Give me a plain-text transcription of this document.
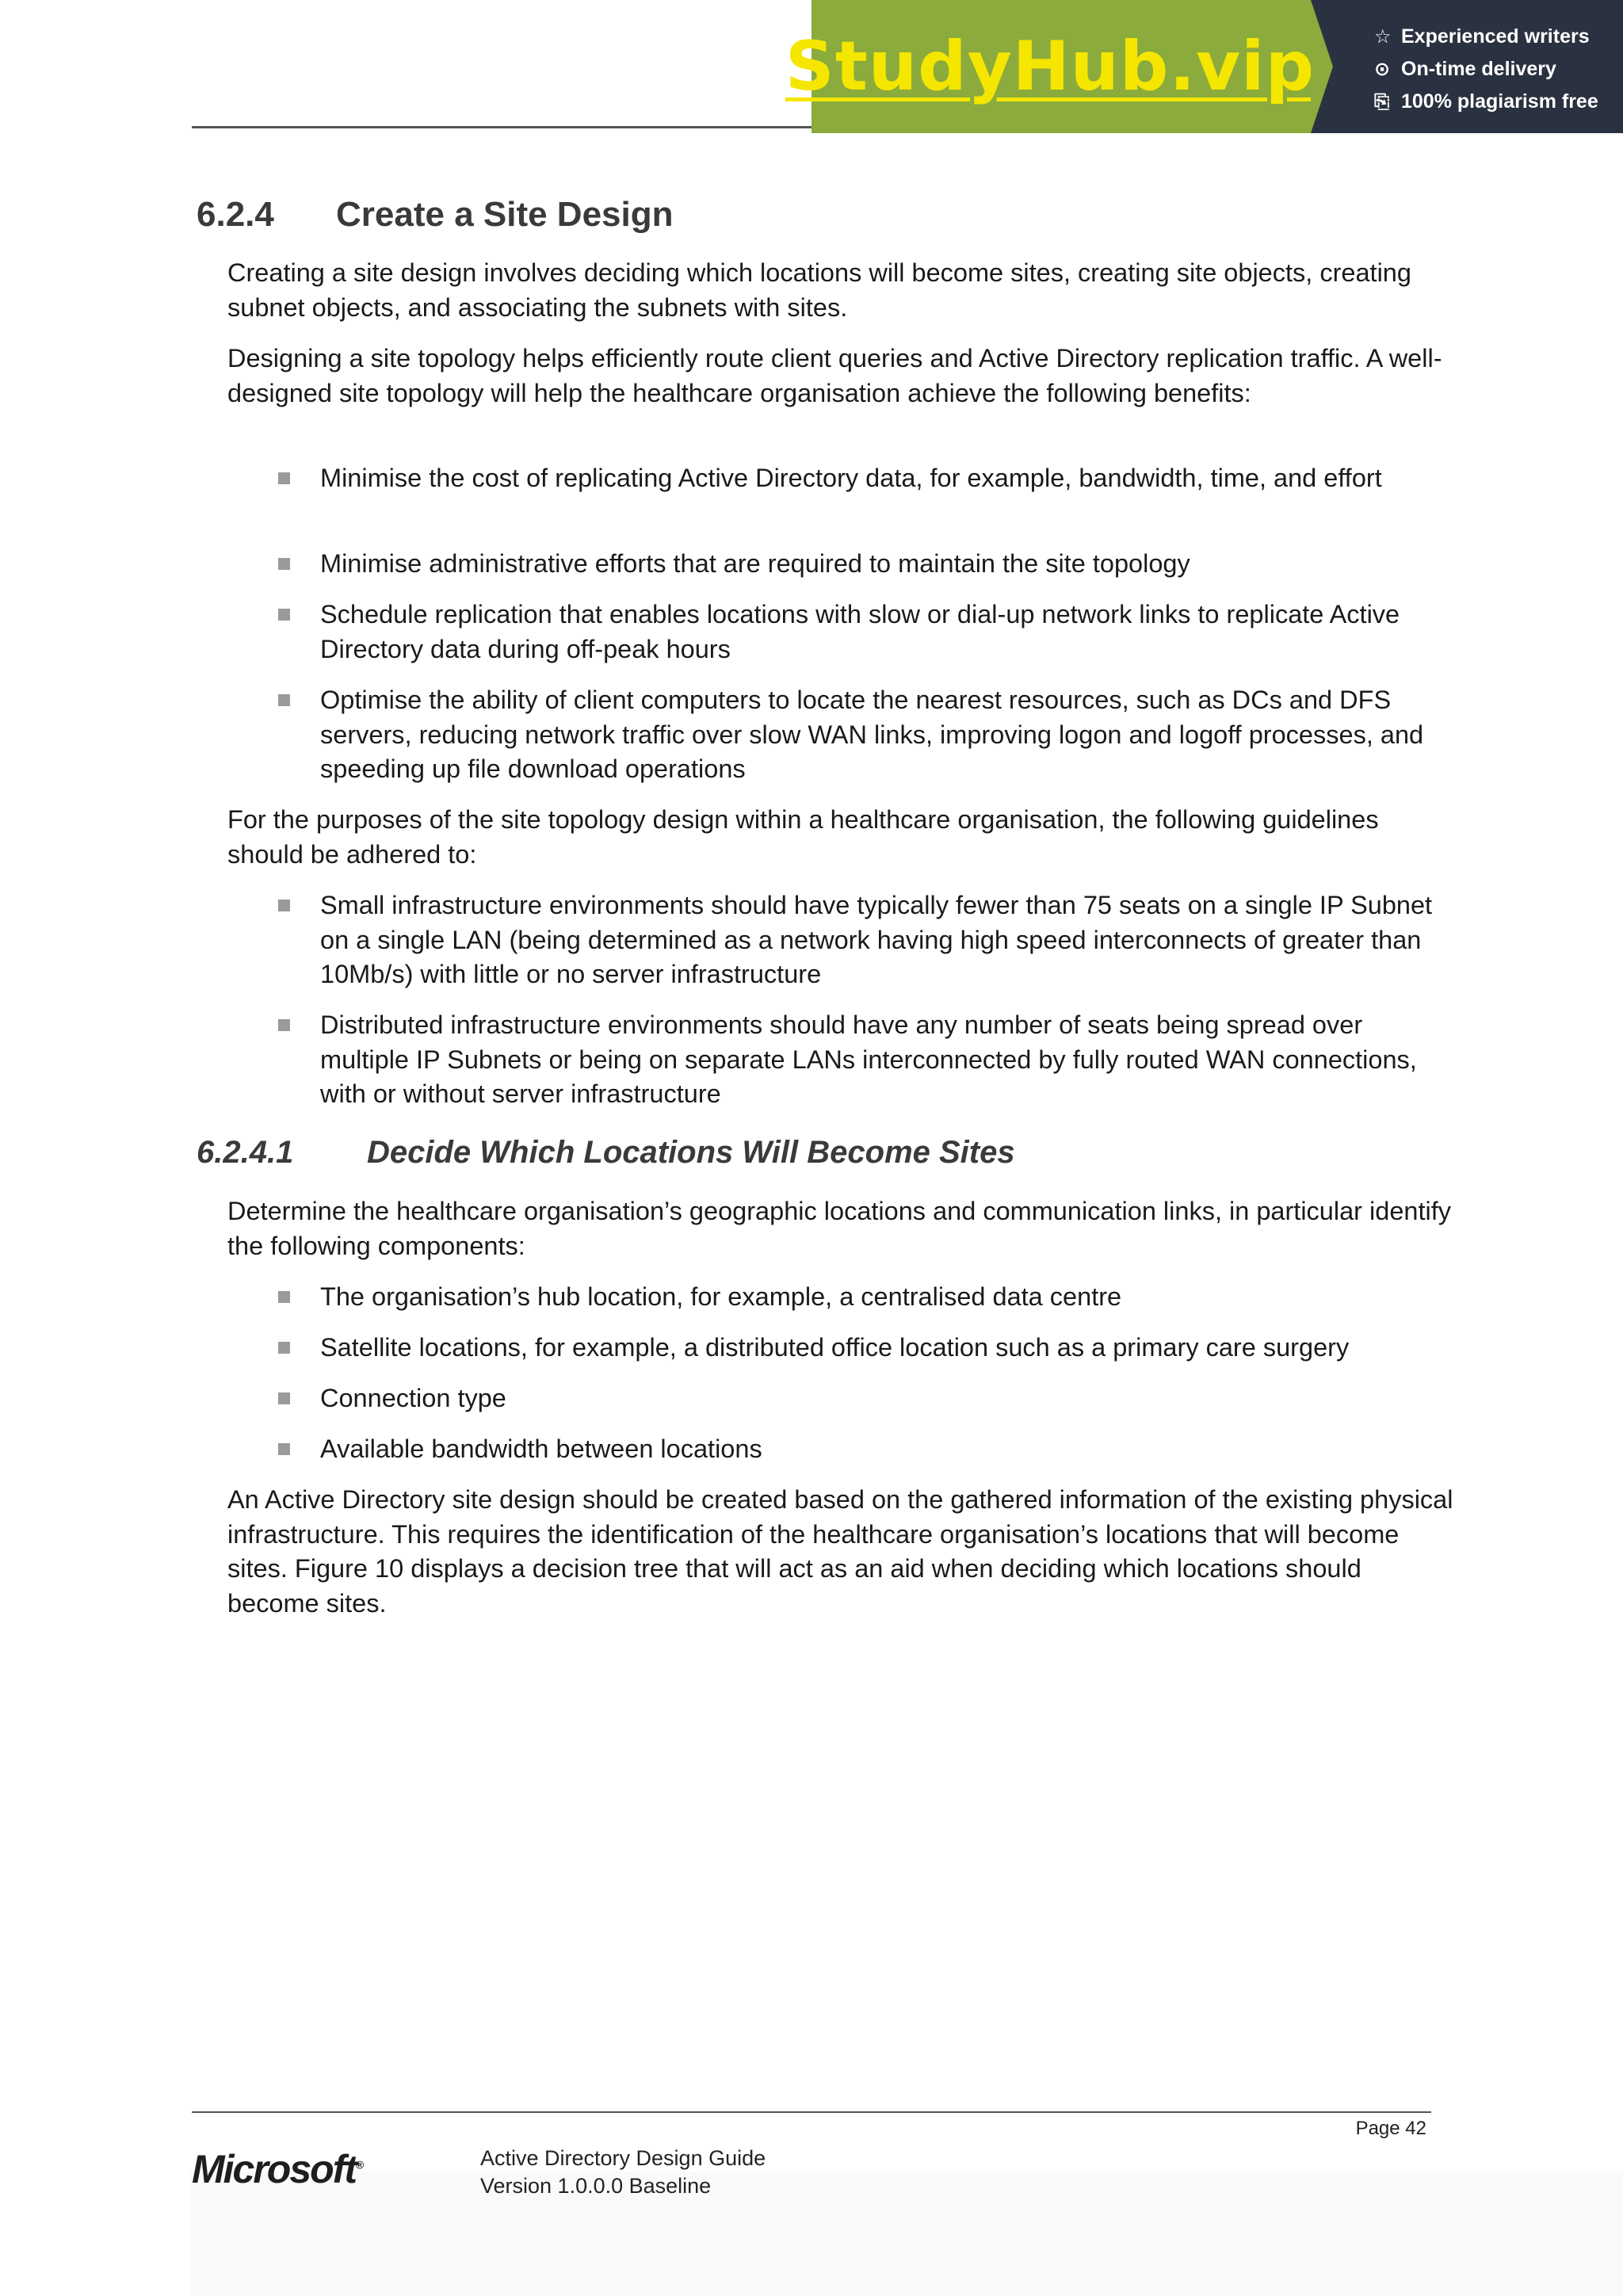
StudyHub.vip	☆ Experienced writers
⊙ On-time delivery
⎘ 100% plagiarism free
6.2.4	Create a Site Design

Creating a site design involves deciding which locations will become sites, creating site objects, creating subnet objects, and associating the subnets with sites.

Designing a site topology helps efficiently route client queries and Active Directory replication traffic. A well-designed site topology will help the healthcare organisation achieve the following benefits:

Minimise the cost of replicating Active Directory data, for example, bandwidth, time, and effort
Minimise administrative efforts that are required to maintain the site topology
Schedule replication that enables locations with slow or dial-up network links to replicate Active Directory data during off-peak hours
Optimise the ability of client computers to locate the nearest resources, such as DCs and DFS servers, reducing network traffic over slow WAN links, improving logon and logoff processes, and speeding up file download operations

For the purposes of the site topology design within a healthcare organisation, the following guidelines should be adhered to:

Small infrastructure environments should have typically fewer than 75 seats on a single IP Subnet on a single LAN (being determined as a network having high speed interconnects of greater than 10Mb/s) with little or no server infrastructure
Distributed infrastructure environments should have any number of seats being spread over multiple IP Subnets or being on separate LANs interconnected by fully routed WAN connections, with or without server infrastructure
6.2.4.1	Decide Which Locations Will Become Sites

Determine the healthcare organisation’s geographic locations and communication links, in particular identify the following components:

The organisation’s hub location, for example, a centralised data centre
Satellite locations, for example, a distributed office location such as a primary care surgery
Connection type
Available bandwidth between locations

An Active Directory site design should be created based on the gathered information of the existing physical infrastructure. This requires the identification of the healthcare organisation’s locations that will become sites. Figure 10 displays a decision tree that will act as an aid when deciding which locations should become sites.

Page 42
Microsoft®	Active Directory Design Guide
Version 1.0.0.0 Baseline
